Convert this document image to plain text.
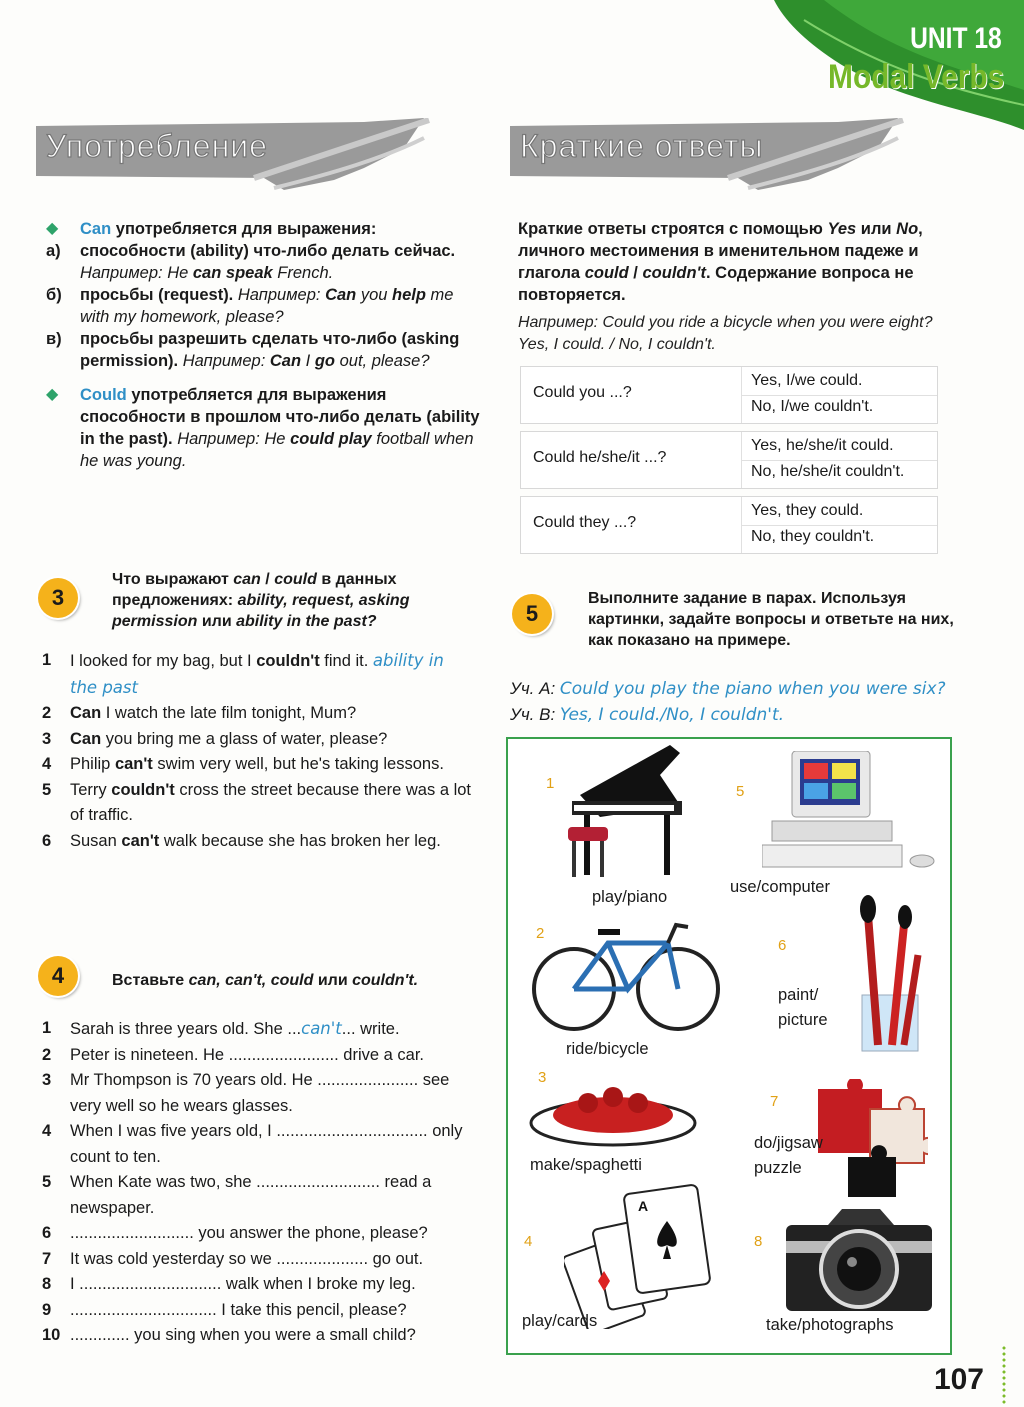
UNIT 18
Modal Verbs
Употребление	Краткие ответы
◆ Can употребляется для выражения:
а) способности (ability) что-либо делать сейчас. Например: He can speak French.
б) просьбы (request). Например: Can you help me with my homework, please?
в) просьбы разрешить сделать что-либо (asking permission). Например: Can I go out, please?
◆ Could употребляется для выражения способности в прошлом что-либо делать (ability in the past). Например: He could play football when he was young.
Краткие ответы строятся с помощью Yes или No, личного местоимения в именительном падеже и глагола could / couldn't. Содержание вопроса не повторяется.
Например: Could you ride a bicycle when you were eight? Yes, I could. / No, I couldn't.
Could you ...?
Yes, I/we could.
No, I/we couldn't.
Could he/she/it ...?
Yes, he/she/it could.
No, he/she/it couldn't.
Could they ...?
Yes, they could.
No, they couldn't.
3
Что выражают can / could в данных предложениях: ability, request, asking permission или ability in the past?
1 I looked for my bag, but I couldn't find it. ability in the past
2 Can I watch the late film tonight, Mum?
3 Can you bring me a glass of water, please?
4 Philip can't swim very well, but he's taking lessons.
5 Terry couldn't cross the street because there was a lot of traffic.
6 Susan can't walk because she has broken her leg.
4	Вставьте can, can't, could или couldn't.
1 Sarah is three years old. She ...can't... write.
2 Peter is nineteen. He ........................ drive a car.
3 Mr Thompson is 70 years old. He ...................... see very well so he wears glasses.
4 When I was five years old, I ................................. only count to ten.
5 When Kate was two, she ........................... read a newspaper.
6 ........................... you answer the phone, please?
7 It was cold yesterday so we .................... go out.
8 I ............................... walk when I broke my leg.
9 ................................ I take this pencil, please?
10 ............. you sing when you were a small child?
5
Выполните задание в парах. Используя картинки, задайте вопросы и ответьте на них, как показано на примере.
Уч. А: Could you play the piano when you were six?
Уч. В: Yes, I could./No, I couldn't.
1
play/piano
5
use/computer
2
ride/bicycle
6
paint/ picture
3
make/spaghetti
7
do/jigsaw puzzle
4
A
play/cards
8
take/photographs
107
